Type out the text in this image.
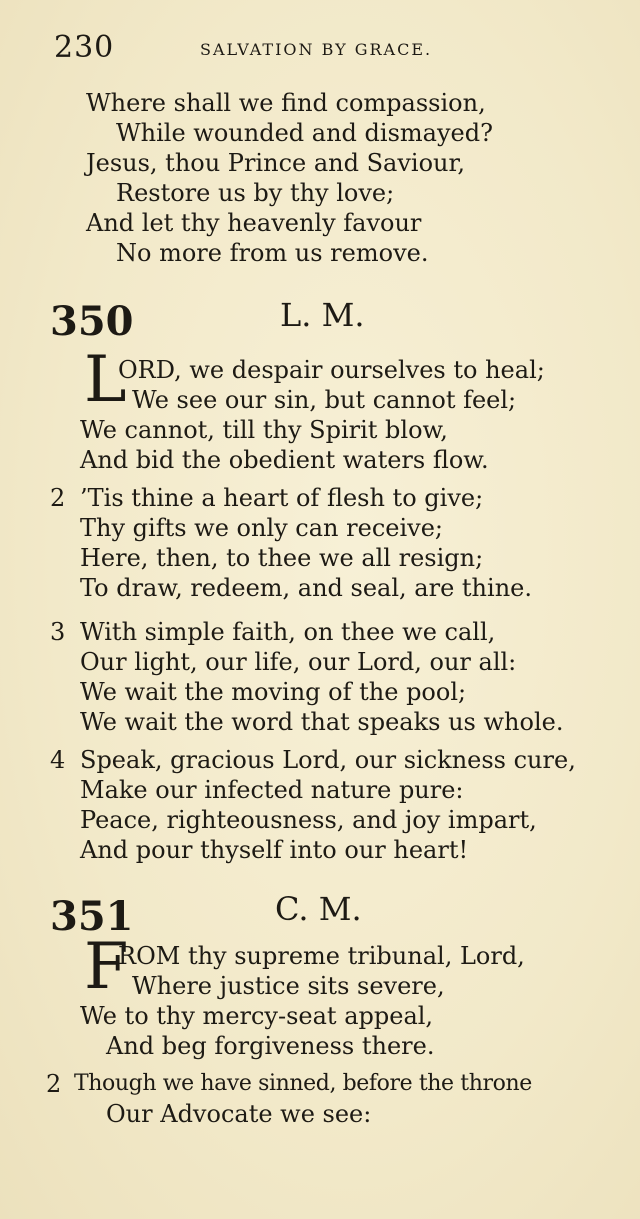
230	SALVATION BY GRACE.
Where shall we find compassion,
While wounded and dismayed?
Jesus, thou Prince and Saviour,
Restore us by thy love;
And let thy heavenly favour
No more from us remove.
350	L. M.
L
ORD, we despair ourselves to heal;
We see our sin, but cannot feel;
We cannot, till thy Spirit blow,
And bid the obedient waters flow.
2 ’Tis thine a heart of flesh to give;
Thy gifts we only can receive;
Here, then, to thee we all resign;
To draw, redeem, and seal, are thine.
3 With simple faith, on thee we call,
Our light, our life, our Lord, our all:
We wait the moving of the pool;
We wait the word that speaks us whole.
4 Speak, gracious Lord, our sickness cure,
Make our infected nature pure:
Peace, righteousness, and joy impart,
And pour thyself into our heart!
351	C. M.
F
ROM thy supreme tribunal, Lord,
Where justice sits severe,
We to thy mercy-seat appeal,
And beg forgiveness there.
2 Though we have sinned, before the throne
Our Advocate we see:
